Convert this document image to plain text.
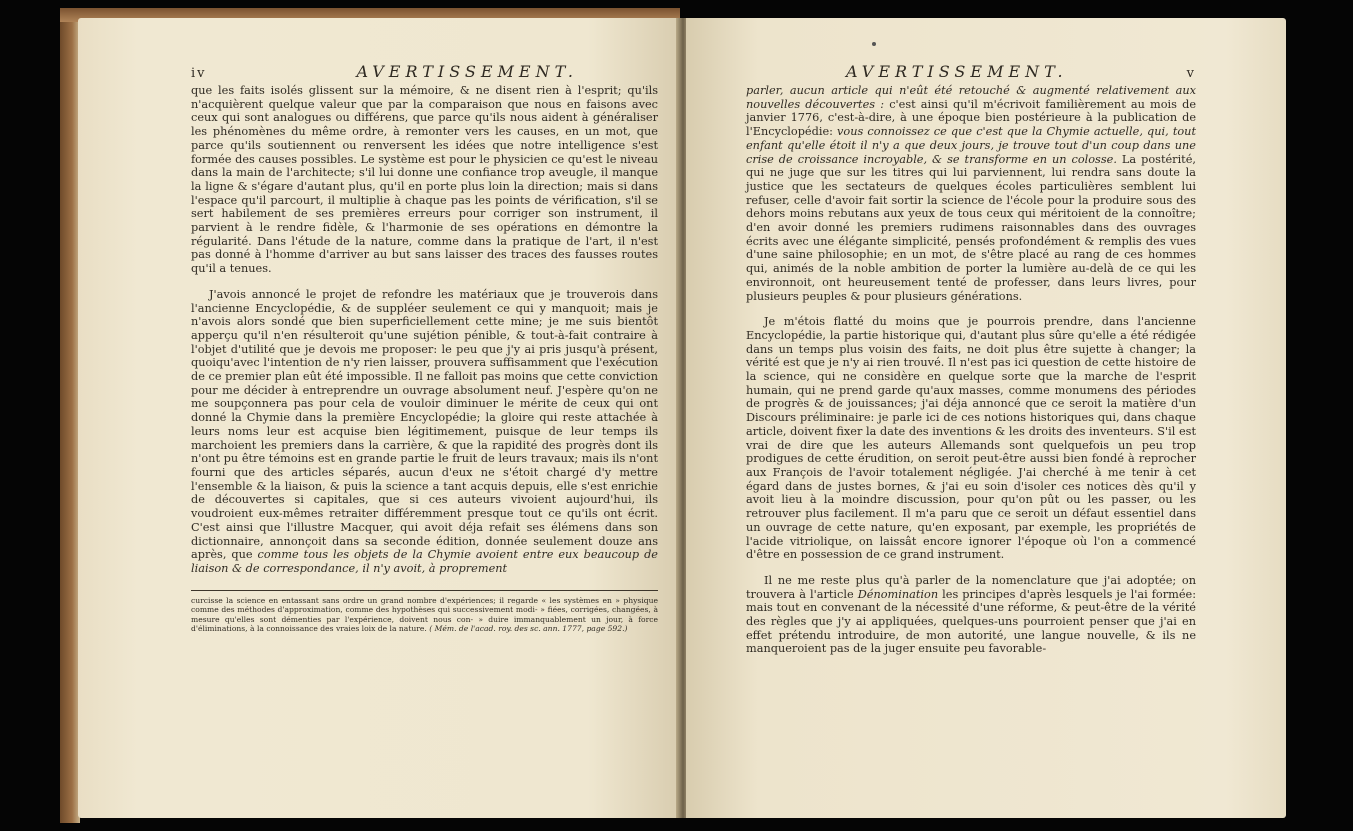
iv	AVERTISSEMENT.

que les faits isolés glissent sur la mémoire, & ne disent rien à l'esprit; qu'ils n'acquièrent quelque valeur que par la comparaison que nous en faisons avec ceux qui sont analogues ou différens, que parce qu'ils nous aident à généraliser les phénomènes du même ordre, à remonter vers les causes, en un mot, que parce qu'ils soutiennent ou renversent les idées que notre intelligence s'est formée des causes possibles. Le système est pour le physicien ce qu'est le niveau dans la main de l'architecte; s'il lui donne une confiance trop aveugle, il manque la ligne & s'égare d'autant plus, qu'il en porte plus loin la direction; mais si dans l'espace qu'il parcourt, il multiplie à chaque pas les points de vérification, s'il se sert habilement de ses premières erreurs pour corriger son instrument, il parvient à le rendre fidèle, & l'harmonie de ses opérations en démontre la régularité. Dans l'étude de la nature, comme dans la pratique de l'art, il n'est pas donné à l'homme d'arriver au but sans laisser des traces des fausses routes qu'il a tenues.

J'avois annoncé le projet de refondre les matériaux que je trouverois dans l'ancienne Encyclopédie, & de suppléer seulement ce qui y manquoit; mais je n'avois alors sondé que bien superficiellement cette mine; je me suis bientôt apperçu qu'il n'en résulteroit qu'une sujétion pénible, & tout-à-fait contraire à l'objet d'utilité que je devois me proposer: le peu que j'y ai pris jusqu'à présent, quoiqu'avec l'intention de n'y rien laisser, prouvera suffisamment que l'exécution de ce premier plan eût été impossible. Il ne falloit pas moins que cette conviction pour me décider à entreprendre un ouvrage absolument neuf. J'espère qu'on ne me soupçonnera pas pour cela de vouloir diminuer le mérite de ceux qui ont donné la Chymie dans la première Encyclopédie; la gloire qui reste attachée à leurs noms leur est acquise bien légitimement, puisque de leur temps ils marchoient les premiers dans la carrière, & que la rapidité des progrès dont ils n'ont pu être témoins est en grande partie le fruit de leurs travaux; mais ils n'ont fourni que des articles séparés, aucun d'eux ne s'étoit chargé d'y mettre l'ensemble & la liaison, & puis la science a tant acquis depuis, elle s'est enrichie de découvertes si capitales, que si ces auteurs vivoient aujourd'hui, ils voudroient eux-mêmes retraiter différemment presque tout ce qu'ils ont écrit. C'est ainsi que l'illustre Macquer, qui avoit déja refait ses élémens dans son dictionnaire, annonçoit dans sa seconde édition, donnée seulement douze ans après, que comme tous les objets de la Chymie avoient entre eux beaucoup de liaison & de correspondance, il n'y avoit, à proprement

curcisse la science en entassant sans ordre un grand nombre d'expériences; il regarde « les systèmes en » physique comme des méthodes d'approximation, comme des hypothèses qui successivement modi- » fiées, corrigées, changées, à mesure qu'elles sont démenties par l'expérience, doivent nous con- » duire immanquablement un jour, à force d'éliminations, à la connoissance des vraies loix de la nature. ( Mém. de l'acad. roy. des sc. ann. 1777, page 592.)
AVERTISSEMENT.	v

parler, aucun article qui n'eût été retouché & augmenté relativement aux nouvelles découvertes : c'est ainsi qu'il m'écrivoit familièrement au mois de janvier 1776, c'est-à-dire, à une époque bien postérieure à la publication de l'Encyclopédie: vous connoissez ce que c'est que la Chymie actuelle, qui, tout enfant qu'elle étoit il n'y a que deux jours, je trouve tout d'un coup dans une crise de croissance incroyable, & se transforme en un colosse. La postérité, qui ne juge que sur les titres qui lui parviennent, lui rendra sans doute la justice que les sectateurs de quelques écoles particulières semblent lui refuser, celle d'avoir fait sortir la science de l'école pour la produire sous des dehors moins rebutans aux yeux de tous ceux qui méritoient de la connoître; d'en avoir donné les premiers rudimens raisonnables dans des ouvrages écrits avec une élégante simplicité, pensés profondément & remplis des vues d'une saine philosophie; en un mot, de s'être placé au rang de ces hommes qui, animés de la noble ambition de porter la lumière au-delà de ce qui les environnoit, ont heureusement tenté de professer, dans leurs livres, pour plusieurs peuples & pour plusieurs générations.

Je m'étois flatté du moins que je pourrois prendre, dans l'ancienne Encyclopédie, la partie historique qui, d'autant plus sûre qu'elle a été rédigée dans un temps plus voisin des faits, ne doit plus être sujette à changer; la vérité est que je n'y ai rien trouvé. Il n'est pas ici question de cette histoire de la science, qui ne considère en quelque sorte que la marche de l'esprit humain, qui ne prend garde qu'aux masses, comme monumens des périodes de progrès & de jouissances; j'ai déja annoncé que ce seroit la matière d'un Discours préliminaire: je parle ici de ces notions historiques qui, dans chaque article, doivent fixer la date des inventions & les droits des inventeurs. S'il est vrai de dire que les auteurs Allemands sont quelquefois un peu trop prodigues de cette érudition, on seroit peut-être aussi bien fondé à reprocher aux François de l'avoir totalement négligée. J'ai cherché à me tenir à cet égard dans de justes bornes, & j'ai eu soin d'isoler ces notices dès qu'il y avoit lieu à la moindre discussion, pour qu'on pût ou les passer, ou les retrouver plus facilement. Il m'a paru que ce seroit un défaut essentiel dans un ouvrage de cette nature, qu'en exposant, par exemple, les propriétés de l'acide vitriolique, on laissât encore ignorer l'époque où l'on a commencé d'être en possession de ce grand instrument.

Il ne me reste plus qu'à parler de la nomenclature que j'ai adoptée; on trouvera à l'article Dénomination les principes d'après lesquels je l'ai formée: mais tout en convenant de la nécessité d'une réforme, & peut-être de la vérité des règles que j'y ai appliquées, quelques-uns pourroient penser que j'ai en effet prétendu introduire, de mon autorité, une langue nouvelle, & ils ne manqueroient pas de la juger ensuite peu favorable-
